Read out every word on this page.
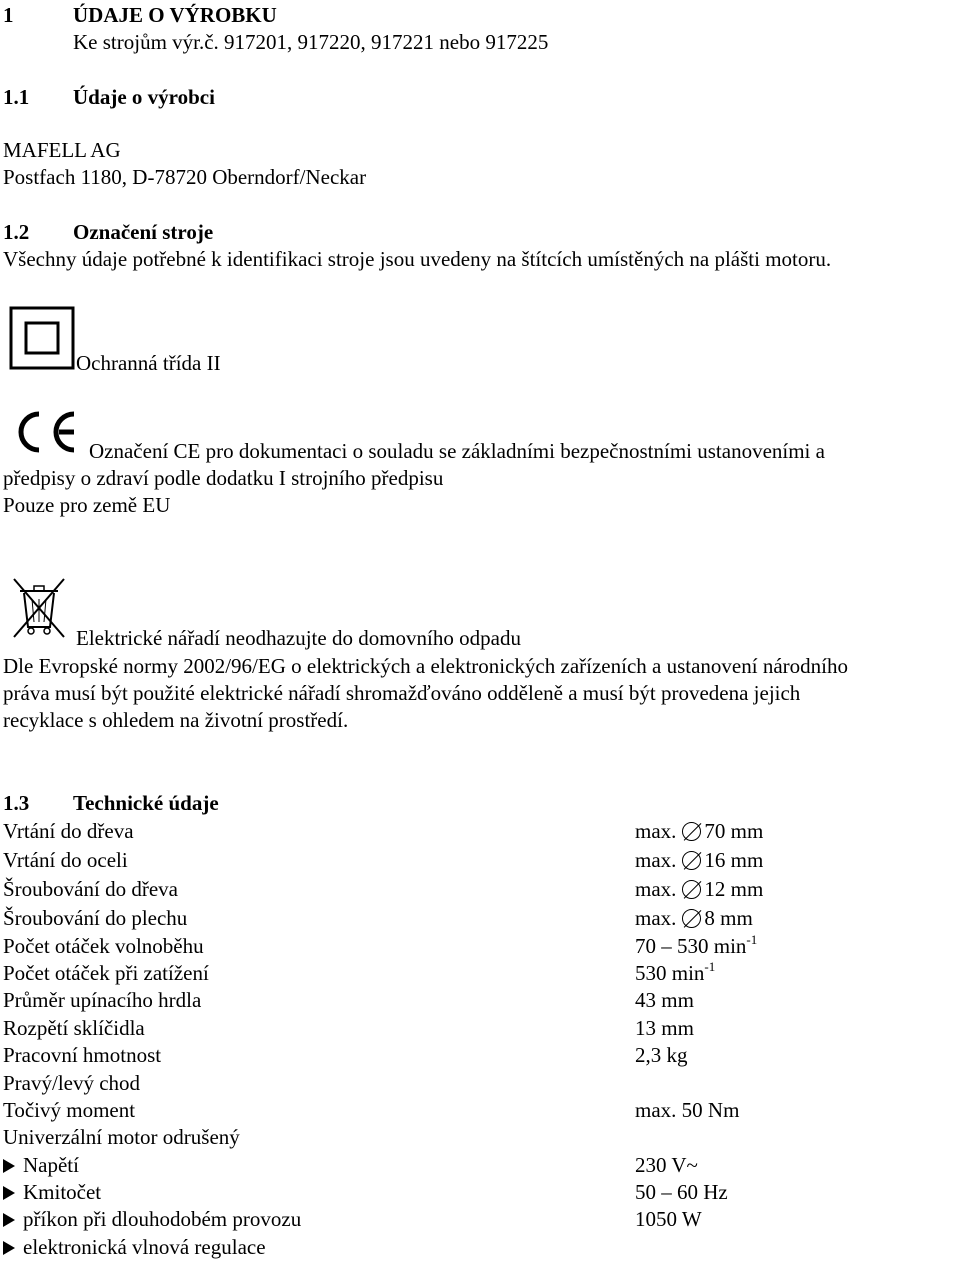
1	ÚDAJE O VÝROBKU
Ke strojům výr.č. 917201, 917220, 917221 nebo 917225
1.1 Údaje o výrobci
MAFELL AG
Postfach 1180, D-78720 Oberndorf/Neckar
1.2 Označení stroje
Všechny údaje potřebné k identifikaci stroje jsou uvedeny na štítcích umístěných na plášti motoru.
Ochranná třída II
Označení CE pro dokumentaci o souladu se základními bezpečnostními ustanoveními a
předpisy o zdraví podle dodatku I strojního předpisu
Pouze pro země EU
Elektrické nářadí neodhazujte do domovního odpadu
Dle Evropské normy 2002/96/EG o elektrických a elektronických zařízeních a ustanovení národního
práva musí být použité elektrické nářadí shromažďováno odděleně a musí být provedena jejich
recyklace s ohledem na životní prostředí.
1.3 Technické údaje
Vrtání do dřeva	max. 70 mm
Vrtání do oceli	max. 16 mm
Šroubování do dřeva	max. 12 mm
Šroubování do plechu	max. 8 mm
Počet otáček volnoběhu	70 – 530 $\min^{-1}$
Počet otáček při zatížení	530 $\min^{-1}$
Průměr upínacího hrdla	43 mm
Rozpětí sklíčidla	13 mm
Pracovní hmotnost	2,3 kg
Pravý/levý chod
Točivý moment	max. 50 Nm
Univerzální motor odrušený
Napětí	230 V~
Kmitočet	50 – 60 Hz
příkon při dlouhodobém provozu	1050 W
elektronická vlnová regulace
